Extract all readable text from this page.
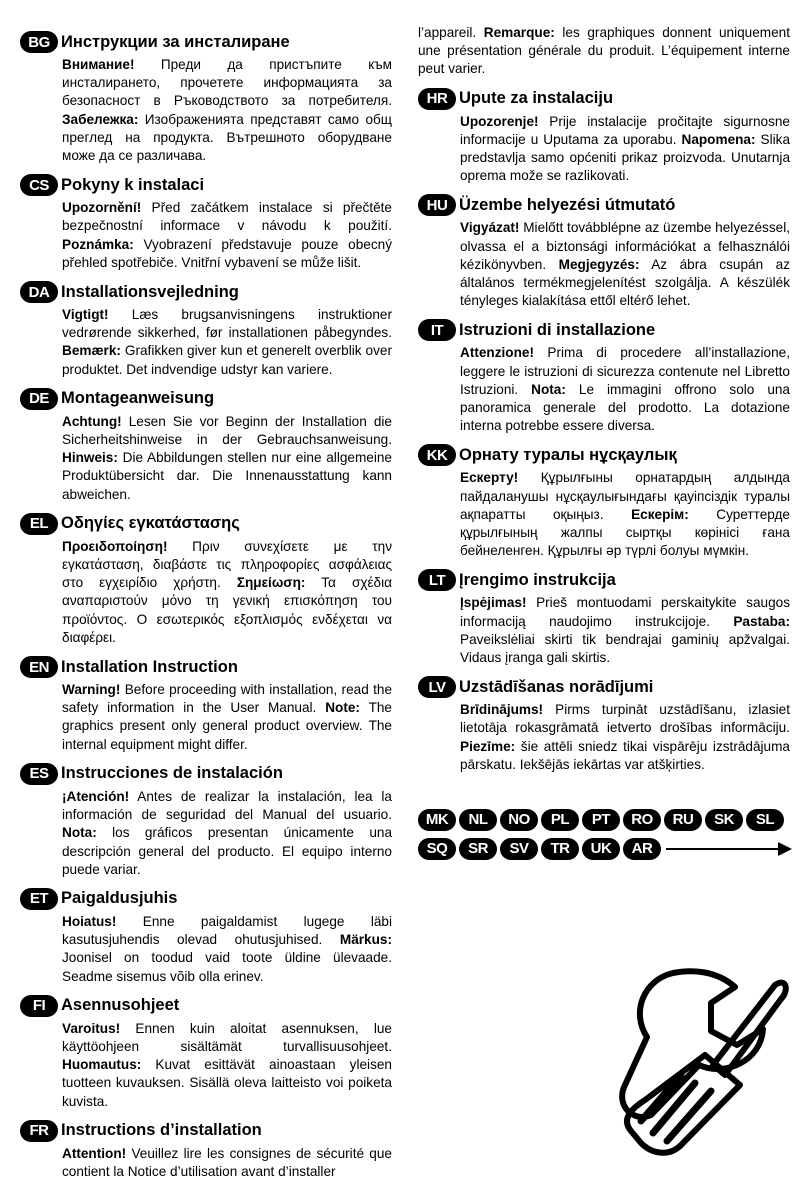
BG Инструкции за инсталиране
Внимание! Преди да пристъпите към инсталирането, прочетете информацията за безопасност в Ръководството за потребителя. Забележка: Изображенията представят само общ преглед на продукта. Вътрешното оборудване може да се различава.
CS Pokyny k instalaci
Upozornění! Před začátkem instalace si přečtěte bezpečnostní informace v návodu k použití. Poznámka: Vyobrazení představuje pouze obecný přehled spotřebiče. Vnitřní vybavení se může lišit.
DA Installationsvejledning
Vigtigt! Læs brugsanvisningens instruktioner vedrørende sikkerhed, før installationen påbegyndes. Bemærk: Grafikken giver kun et generelt overblik over produktet. Det indvendige udstyr kan variere.
DE Montageanweisung
Achtung! Lesen Sie vor Beginn der Installation die Sicherheitshinweise in der Gebrauchsanweisung. Hinweis: Die Abbildungen stellen nur eine allgemeine Produktübersicht dar. Die Innenausstattung kann abweichen.
EL Οδηγίες εγκατάστασης
Προειδοποίηση! Πριν συνεχίσετε με την εγκατάσταση, διαβάστε τις πληροφορίες ασφάλειας στο εγχειρίδιο χρήστη. Σημείωση: Τα σχέδια αναπαριστούν μόνο τη γενική επισκόπηση του προϊόντος. Ο εσωτερικός εξοπλισμός ενδέχεται να διαφέρει.
EN Installation Instruction
Warning! Before proceeding with installation, read the safety information in the User Manual. Note: The graphics present only general product overview. The internal equipment might differ.
ES Instrucciones de instalación
¡Atención! Antes de realizar la instalación, lea la información de seguridad del Manual del usuario. Nota: los gráficos presentan únicamente una descripción general del producto. El equipo interno puede variar.
ET Paigaldusjuhis
Hoiatus! Enne paigaldamist lugege läbi kasutusjuhendis olevad ohutusjuhised. Märkus: Joonisel on toodud vaid toote üldine ülevaade. Seadme sisemus võib olla erinev.
FI Asennusohjeet
Varoitus! Ennen kuin aloitat asennuksen, lue käyttöohjeen sisältämät turvallisuusohjeet. Huomautus: Kuvat esittävät ainoastaan yleisen tuotteen kuvauksen. Sisällä oleva laitteisto voi poiketa kuvista.
FR Instructions d’installation
Attention! Veuillez lire les consignes de sécurité que contient la Notice d’utilisation avant d’installer
l’appareil. Remarque: les graphiques donnent uniquement une présentation générale du produit. L’équipement interne peut varier.
HR Upute za instalaciju
Upozorenje! Prije instalacije pročitajte sigurnosne informacije u Uputama za uporabu. Napomena: Slika predstavlja samo općeniti prikaz proizvoda. Unutarnja oprema može se razlikovati.
HU Üzembe helyezési útmutató
Vigyázat! Mielőtt továbblépne az üzembe helyezéssel, olvassa el a biztonsági információkat a felhasználói kézikönyvben. Megjegyzés: Az ábra csupán az általános termékmegjelenítést szolgálja. A készülék tényleges kialakítása ettől eltérő lehet.
IT Istruzioni di installazione
Attenzione! Prima di procedere all’installazione, leggere le istruzioni di sicurezza contenute nel Libretto Istruzioni. Nota: Le immagini offrono solo una panoramica generale del prodotto. La dotazione interna potrebbe essere diversa.
KK Орнату туралы нұсқаулық
Ескерту! Құрылғыны орнатардың алдында пайдаланушы нұсқаулығындағы қауіпсіздік туралы ақпаратты оқыңыз. Ескерім: Суреттерде құрылғының жалпы сыртқы көрінісі ғана бейнеленген. Құрылғы әр түрлі болуы мүмкін.
LT Įrengimo instrukcija
Įspėjimas! Prieš montuodami perskaitykite saugos informaciją naudojimo instrukcijoje. Pastaba: Paveikslėliai skirti tik bendrajai gaminių apžvalgai. Vidaus įranga gali skirtis.
LV Uzstādīšanas norādījumi
Brīdinājums! Pirms turpināt uzstādīšanu, izlasiet lietotāja rokasgrāmatā ietverto drošības informāciju. Piezīme: šie attēli sniedz tikai vispārēju izstrādājuma pārskatu. Iekšējās iekārtas var atšķirties.
MK	NL	NO	PL	PT	RO	RU	SK	SL
SQ	SR	SV	TR	UK	AR
